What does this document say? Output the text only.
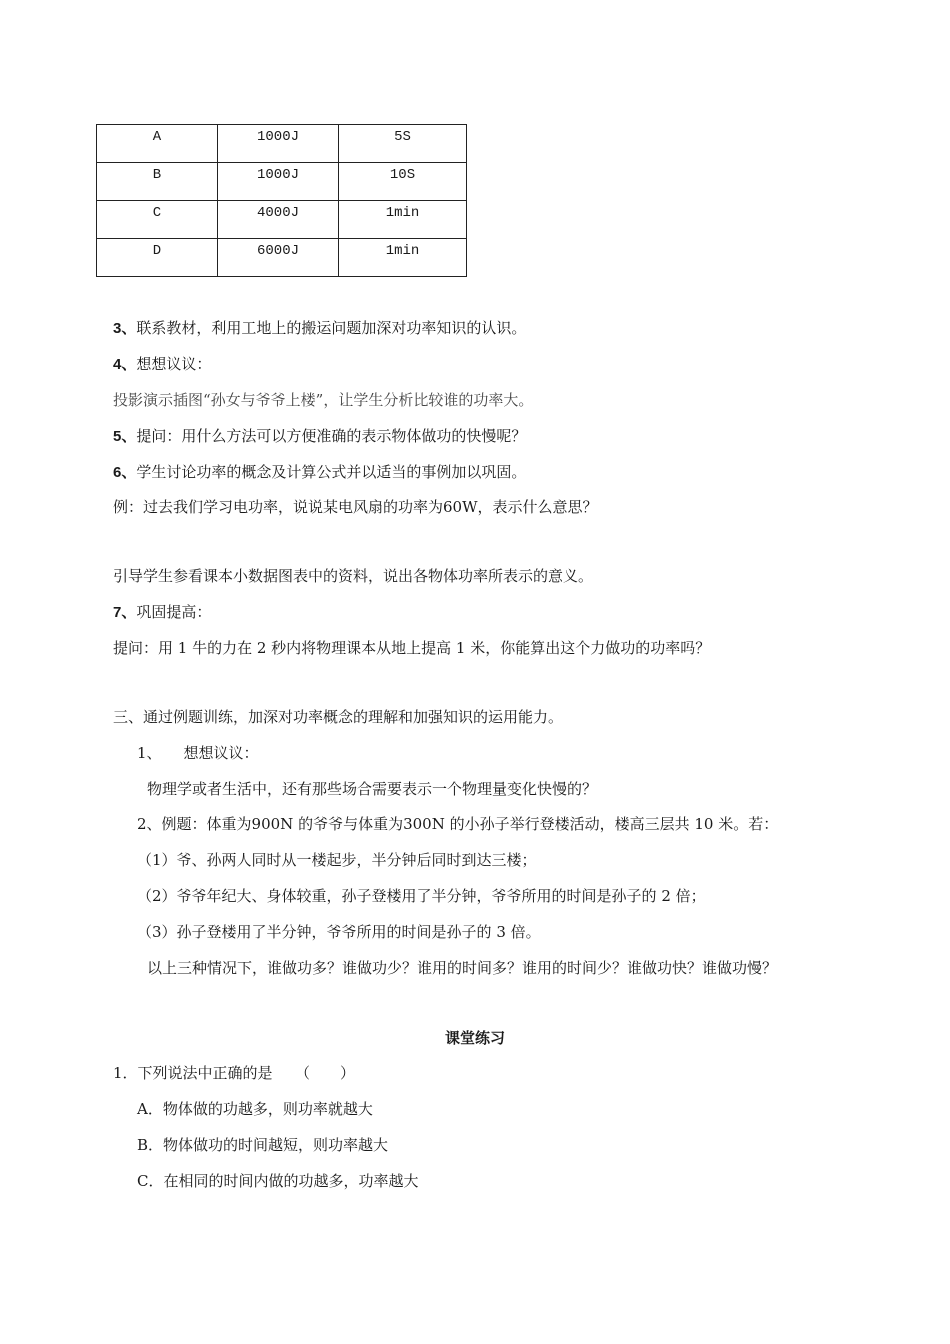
A	1000J	5S
B	1000J	10S
C	4000J	1min
D	6000J	1min
3、联系教材，利用工地上的搬运问题加深对功率知识的认识。
4、想想议议：
投影演示插图“孙女与爷爷上楼”，让学生分析比较谁的功率大。
5、提问：用什么方法可以方便准确的表示物体做功的快慢呢？
6、学生讨论功率的概念及计算公式并以适当的事例加以巩固。
例：过去我们学习电功率，说说某电风扇的功率为60W，表示什么意思？
引导学生参看课本小数据图表中的资料，说出各物体功率所表示的意义。
7、巩固提高：
提问：用 1 牛的力在 2 秒内将物理课本从地上提高 1 米，你能算出这个力做功的功率吗？
三、通过例题训练，加深对功率概念的理解和加强知识的运用能力。
1、 想想议议：
物理学或者生活中，还有那些场合需要表示一个物理量变化快慢的？
2、例题：体重为900N 的爷爷与体重为300N 的小孙子举行登楼活动，楼高三层共 10 米。若：
（1）爷、孙两人同时从一楼起步，半分钟后同时到达三楼；
（2）爷爷年纪大、身体较重，孙子登楼用了半分钟，爷爷所用的时间是孙子的 2 倍；
（3）孙子登楼用了半分钟，爷爷所用的时间是孙子的 3 倍。
以上三种情况下，谁做功多？谁做功少？谁用的时间多？谁用的时间少？谁做功快？谁做功慢？
课堂练习
1．下列说法中正确的是　　（　　）
A．物体做的功越多，则功率就越大
B．物体做功的时间越短，则功率越大
C．在相同的时间内做的功越多，功率越大
